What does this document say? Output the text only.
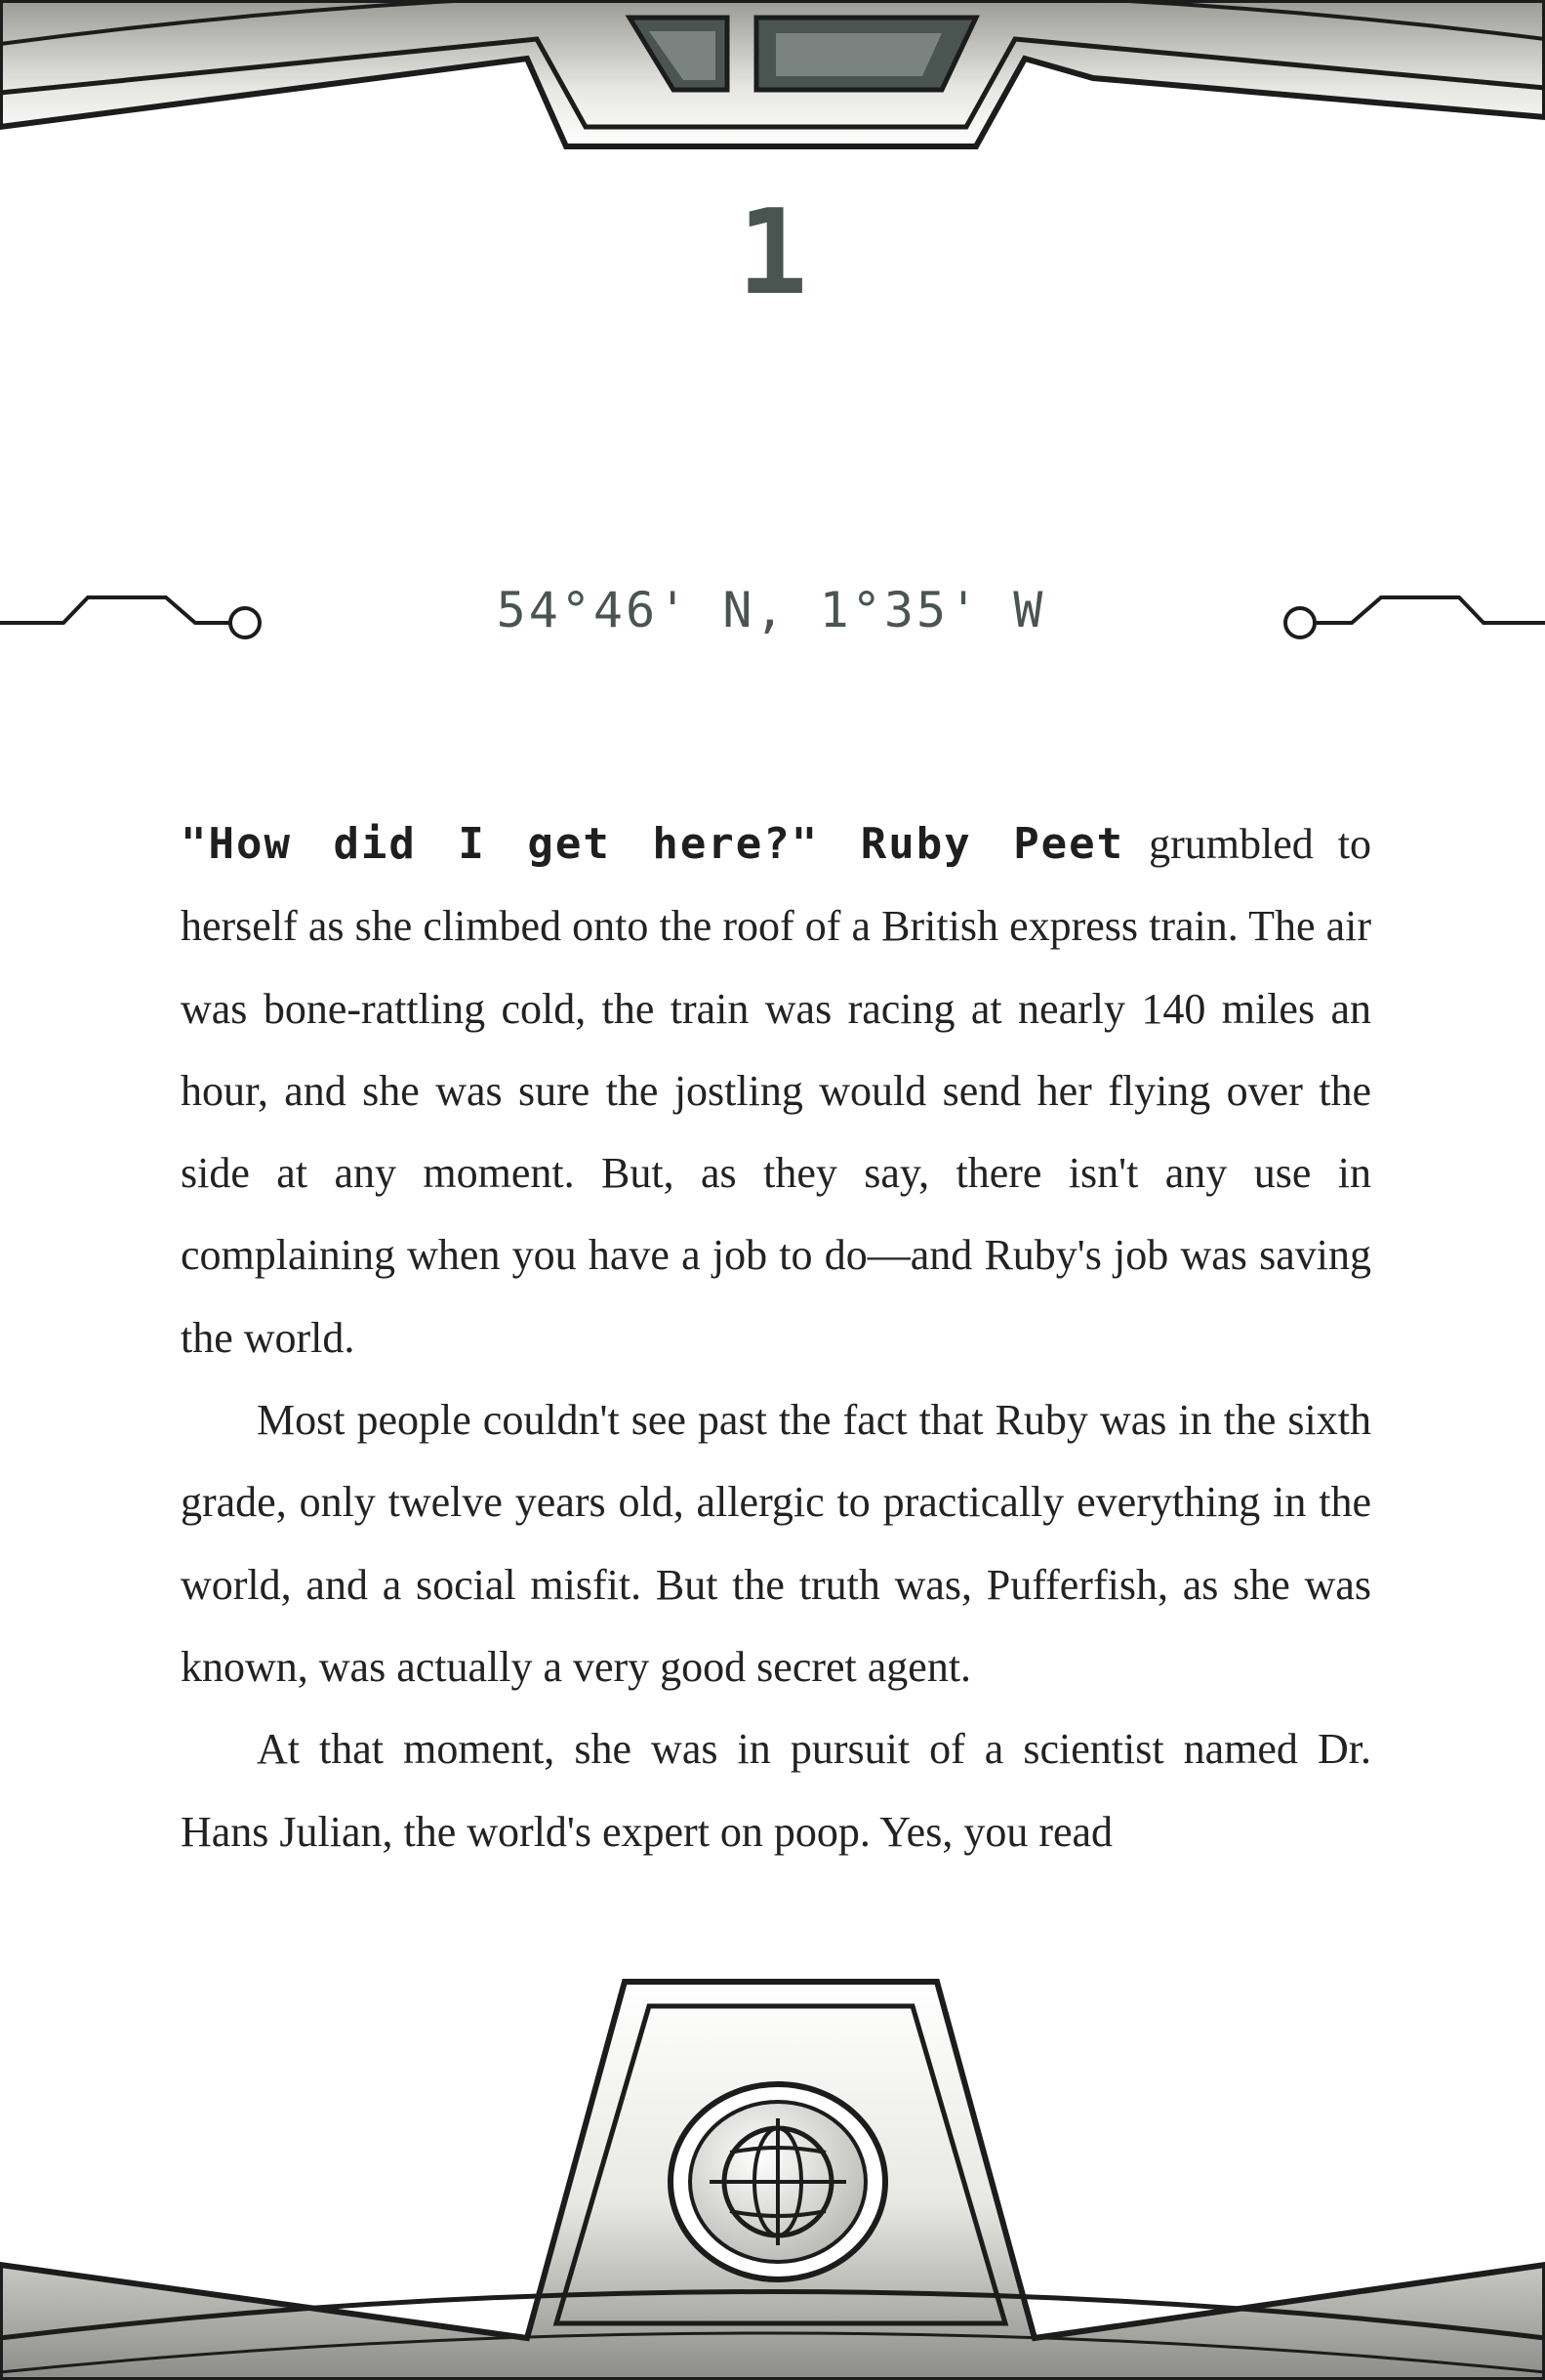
1
54°46' N, 1°35' W

"How did I get here?" Ruby Peet grumbled to herself as she climbed onto the roof of a British express train. The air was bone-rattling cold, the train was racing at nearly 140 miles an hour, and she was sure the jostling would send her flying over the side at any moment. But, as they say, there isn't any use in complaining when you have a job to do—and Ruby's job was saving the world.

Most people couldn't see past the fact that Ruby was in the sixth grade, only twelve years old, allergic to practically everything in the world, and a social misfit. But the truth was, Pufferfish, as she was known, was actually a very good secret agent.

At that moment, she was in pursuit of a scientist named Dr. Hans Julian, the world's expert on poop. Yes, you read
